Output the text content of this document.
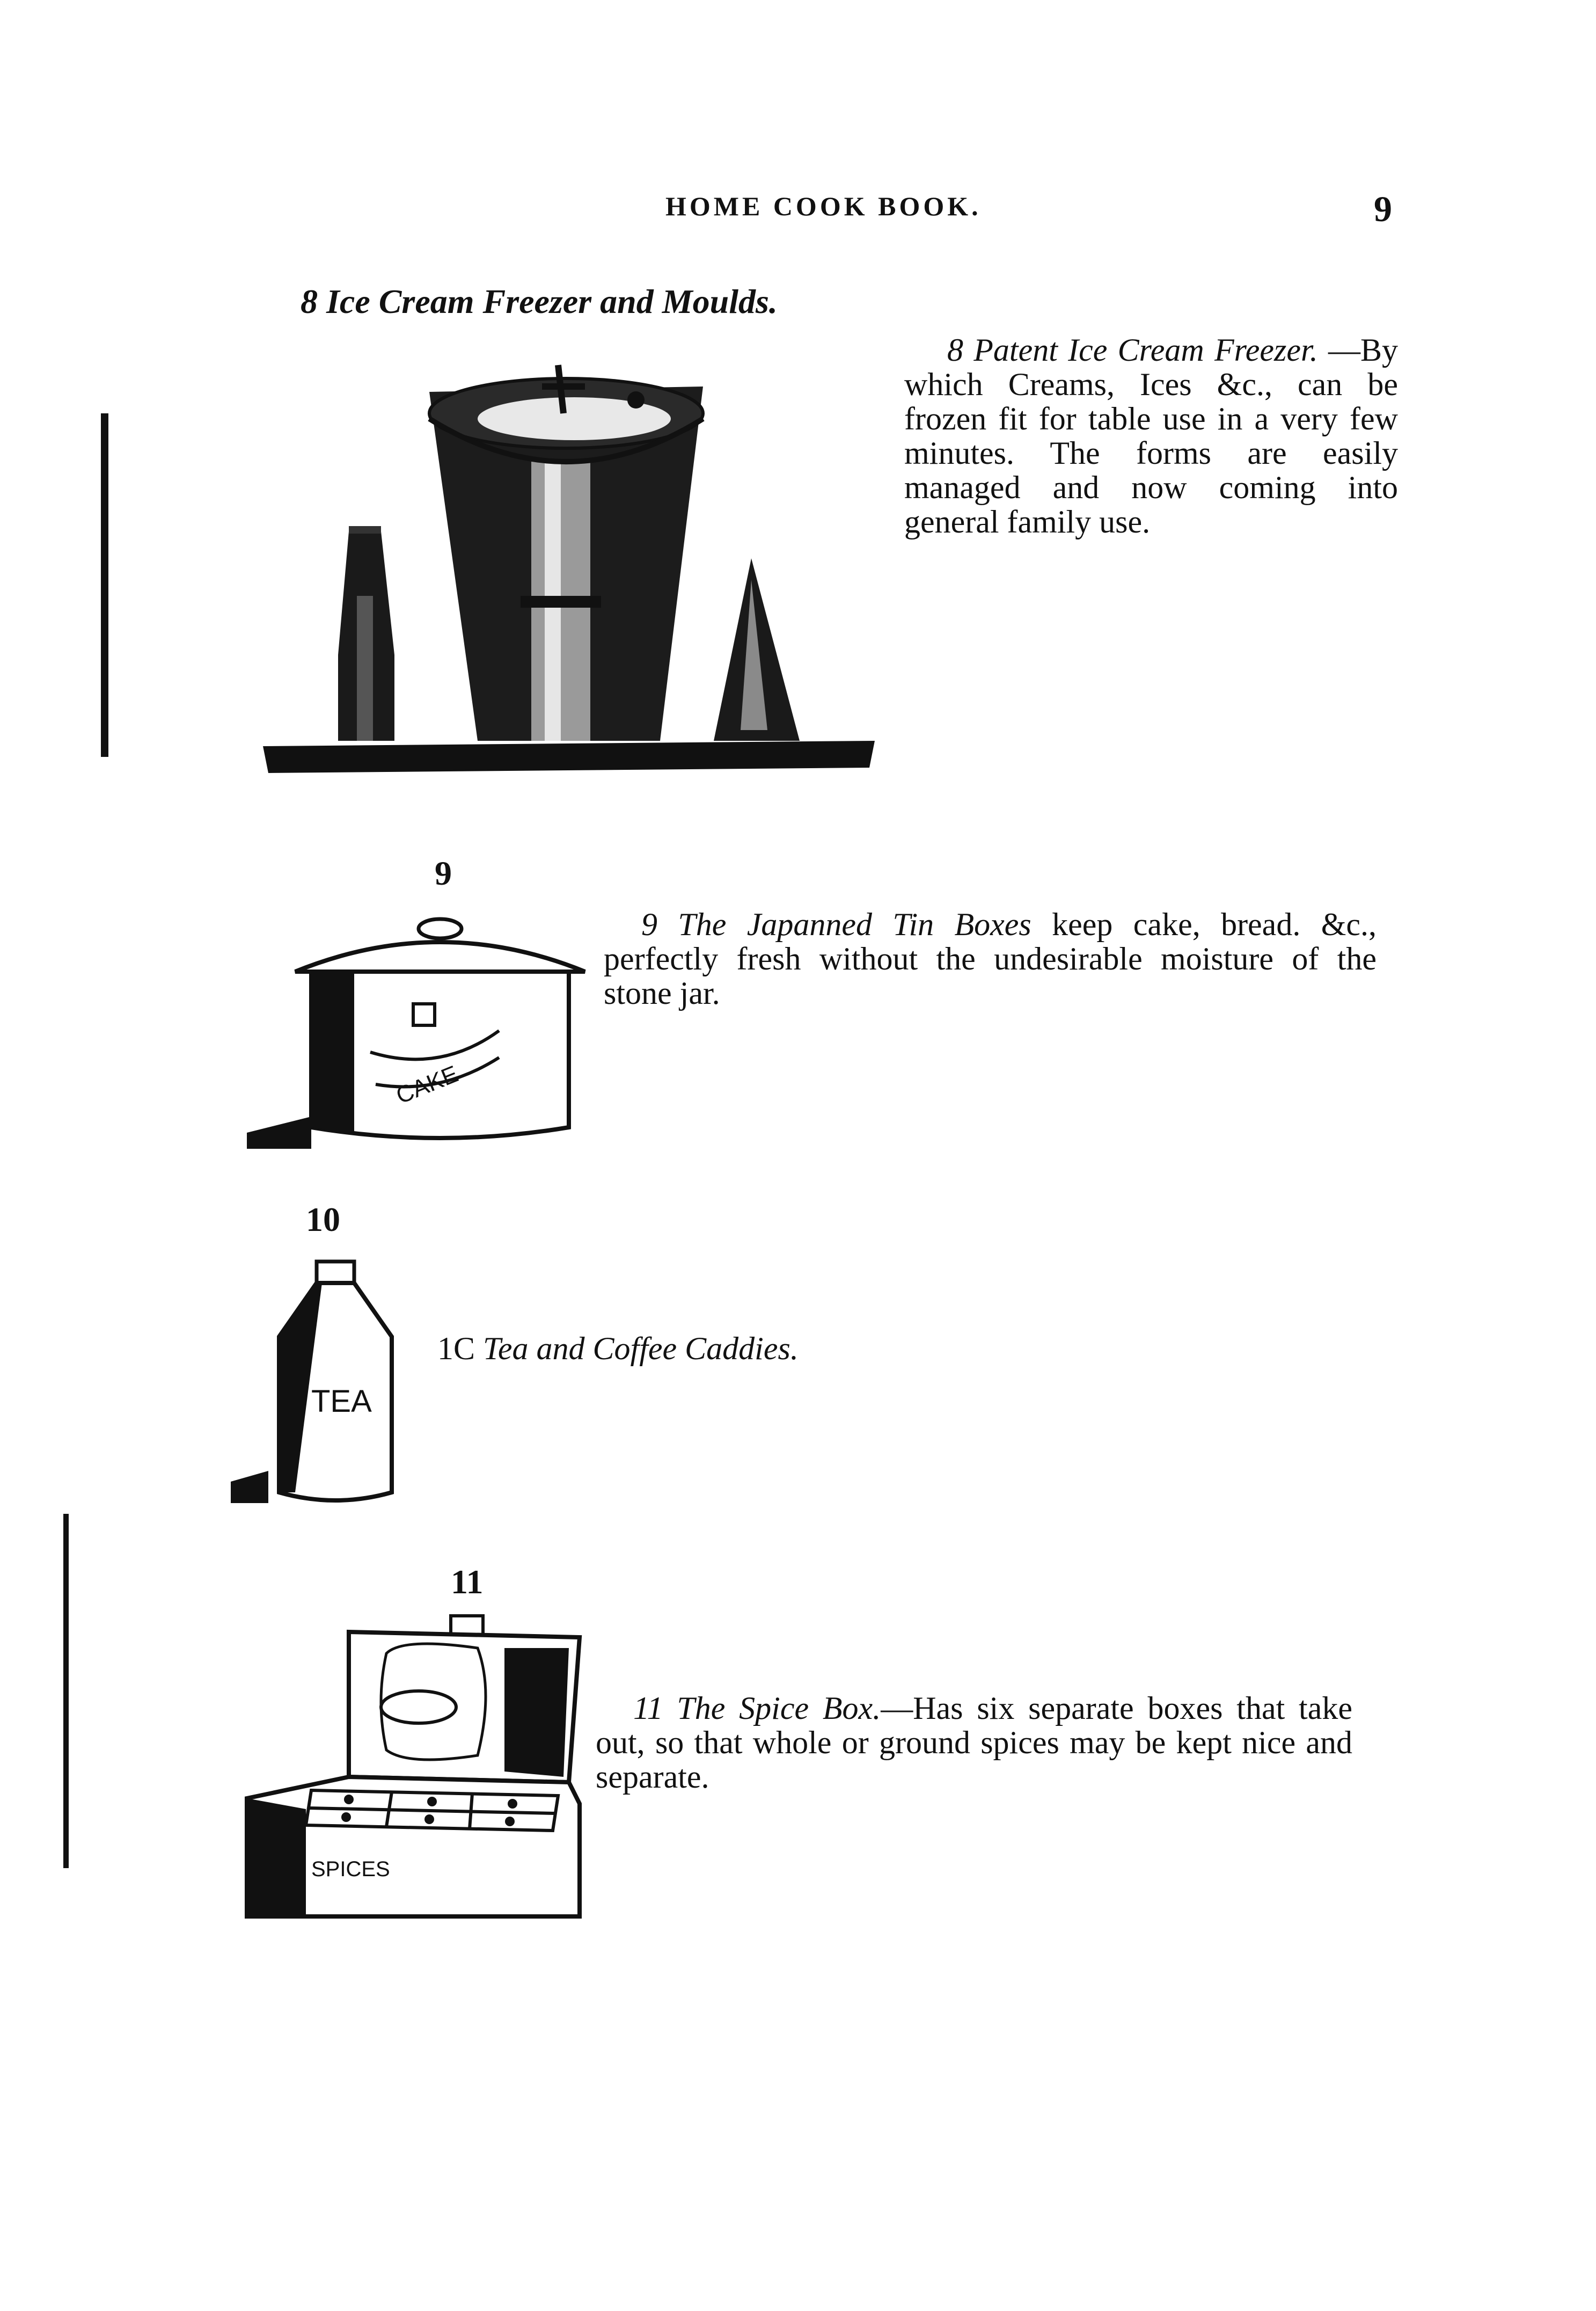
HOME COOK BOOK.	9
8 Ice Cream Freezer and Moulds.
8 Patent Ice Cream Freezer. —By which Creams, Ices &c., can be frozen fit for table use in a very few minutes. The forms are easily managed and now coming into general family use.
9
CAKE
9 The Japanned Tin Boxes keep cake, bread. &c., perfectly fresh without the undesirable moisture of the stone jar.
10
TEA
1C Tea and Coffee Caddies.
11
SPICES
11 The Spice Box.—Has six separate boxes that take out, so that whole or ground spices may be kept nice and separate.
